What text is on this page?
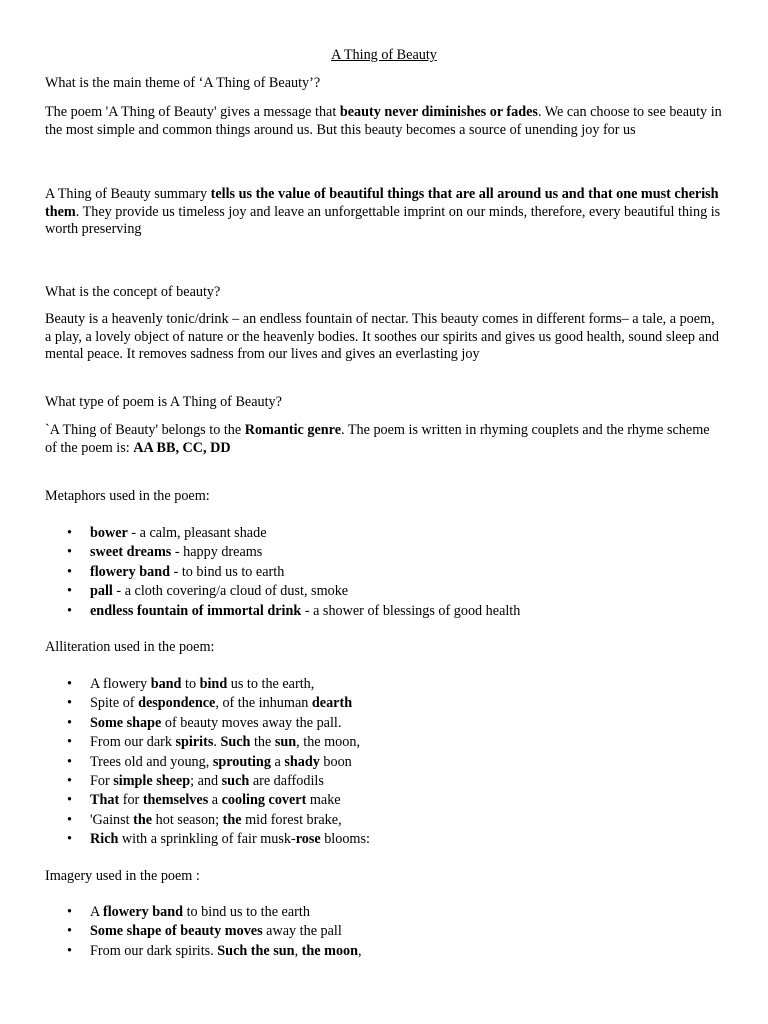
A Thing of Beauty

What is the main theme of ‘A Thing of Beauty’?

The poem 'A Thing of Beauty' gives a message that beauty never diminishes or fades. We can choose to see beauty in the most simple and common things around us. But this beauty becomes a source of unending joy for us

A Thing of Beauty summary tells us the value of beautiful things that are all around us and that one must cherish them. They provide us timeless joy and leave an unforgettable imprint on our minds, therefore, every beautiful thing is worth preserving

What is the concept of beauty?

Beauty is a heavenly tonic/drink – an endless fountain of nectar. This beauty comes in different forms– a tale, a poem, a play, a lovely object of nature or the heavenly bodies. It soothes our spirits and gives us good health, sound sleep and mental peace. It removes sadness from our lives and gives an everlasting joy

What type of poem is A Thing of Beauty?

`A Thing of Beauty' belongs to the Romantic genre. The poem is written in rhyming couplets and the rhyme scheme of the poem is: AA BB, CC, DD

Metaphors used in the poem:

• bower - a calm, pleasant shade
• sweet dreams - happy dreams
• flowery band - to bind us to earth
• pall - a cloth covering/a cloud of dust, smoke
• endless fountain of immortal drink - a shower of blessings of good health

Alliteration used in the poem:

• A flowery band to bind us to the earth,
• Spite of despondence, of the inhuman dearth
• Some shape of beauty moves away the pall.
• From our dark spirits. Such the sun, the moon,
• Trees old and young, sprouting a shady boon
• For simple sheep; and such are daffodils
• That for themselves a cooling covert make
• 'Gainst the hot season; the mid forest brake,
• Rich with a sprinkling of fair musk-rose blooms:

Imagery used in the poem :

• A flowery band to bind us to the earth
• Some shape of beauty moves away the pall
• From our dark spirits. Such the sun, the moon,
